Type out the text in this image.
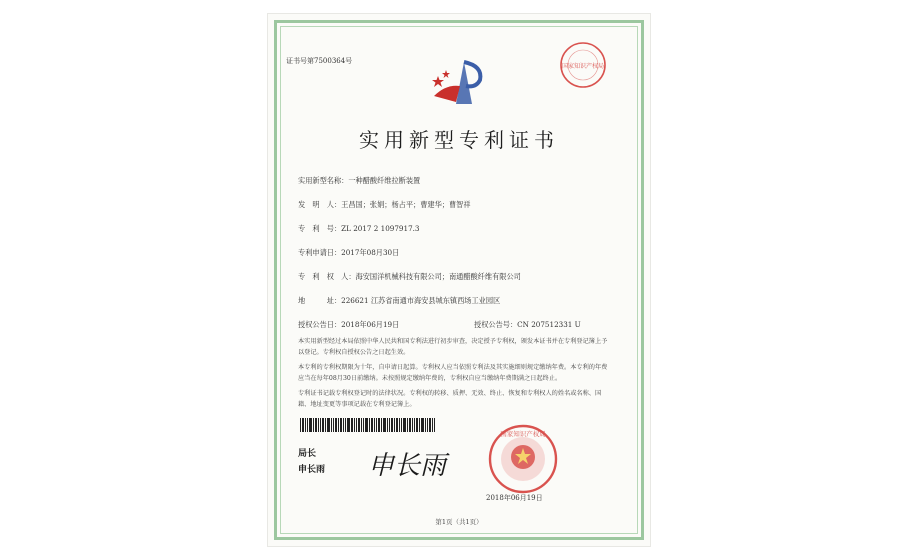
证书号第7500364号
国家知识产权局
实用新型专利证书
实用新型名称：一种醋酸纤维拉断装置
发　明　人：王昌国；张娟；杨占平；曹建华；曹智祥
专　利　号：ZL 2017 2 1097917.3
专利申请日：2017年08月30日
专　利　权　人：海安国洋机械科技有限公司；南通醋酸纤维有限公司
地　　　址：226621 江苏省南通市海安县城东镇西场工业园区
授权公告日：2018年06月19日	授权公告号：CN 207512331 U
本实用新型经过本局依照中华人民共和国专利法进行初步审查，决定授予专利权，颁发本证书并在专利登记簿上予以登记。专利权自授权公告之日起生效。
本专利的专利权期限为十年，自申请日起算。专利权人应当依照专利法及其实施细则规定缴纳年费。本专利的年费应当在每年08月30日前缴纳。未按照规定缴纳年费的，专利权自应当缴纳年费期满之日起终止。
专利证书记载专利权登记时的法律状况。专利权的转移、质押、无效、终止、恢复和专利权人的姓名或名称、国籍、地址变更等事项记载在专利登记簿上。
局长
申长雨 申长雨
国家知识产权局
2018年06月19日
第1页（共1页）
